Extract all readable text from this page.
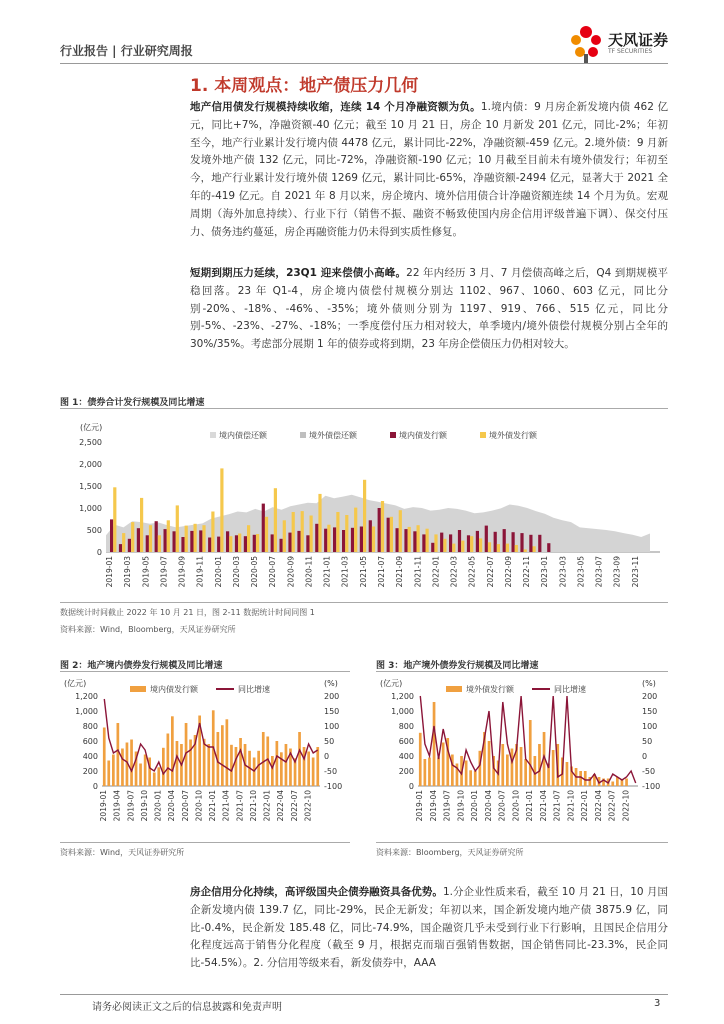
行业报告 | 行业研究周报
天风证券
TF SECURITIES
1. 本周观点：地产债压力几何
地产信用债发行规模持续收缩，连续 14 个月净融资额为负。1.境内债：9 月房企新发境内债 462 亿元，同比+7%，净融资额-40 亿元；截至 10 月 21 日，房企 10 月新发 201 亿元，同比-2%；年初至今，地产行业累计发行境内债 4478 亿元，累计同比-22%，净融资额-459 亿元。2.境外债：9 月新发境外地产债 132 亿元，同比-72%，净融资额-190 亿元；10 月截至目前未有境外债发行；年初至今，地产行业累计发行境外债 1269 亿元，累计同比-65%，净融资额-2494 亿元，显著大于 2021 全年的-419 亿元。自 2021 年 8 月以来，房企境内、境外信用债合计净融资额连续 14 个月为负。宏观周期（海外加息持续）、行业下行（销售不振、融资不畅致使国内房企信用评级普遍下调）、保交付压力、债务违约蔓延，房企再融资能力仍未得到实质性修复。
短期到期压力延续，23Q1 迎来偿债小高峰。22 年内经历 3 月、7 月偿债高峰之后，Q4 到期规模平稳回落。23 年 Q1-4，房企境内债偿付规模分别达 1102、967、1060、603 亿元，同比分别-20%、-18%、-46%、-35%；境外债则分别为 1197、919、766、515 亿元，同比分别-5%、-23%、-27%、-18%；一季度偿付压力相对较大，单季境内/境外债偿付规模分别占全年的 30%/35%。考虑部分展期 1 年的债券或将到期，23 年房企偿债压力仍相对较大。
图 1：债券合计发行规模及同比增速
(亿元)
2,500
2,000
1,500
1,000
500
0
境内债偿还额	境外债偿还额	境内债发行额	境外债发行额
2019-01 2019-03 2019-05 2019-07 2019-09 2019-11 2020-01 2020-03 2020-05 2020-07 2020-09 2020-11 2021-01 2021-03 2021-05 2021-07 2021-09 2021-11 2022-01 2022-03 2022-05 2022-07 2022-09 2022-11 2023-01 2023-03 2023-05 2023-07 2023-09 2023-11
数据统计时间截止 2022 年 10 月 21 日，图 2-11 数据统计时间同图 1
资料来源：Wind，Bloomberg，天风证券研究所
图 2：地产境内债券发行规模及同比增速
(亿元)	(%)
1,200
1,000
800
600
400
200
0
200
150
100
50
0
-50
-100
境内债发行额	同比增速
2019-01 2019-04 2019-07 2019-10 2020-01 2020-04 2020-07 2020-10 2021-01 2021-04 2021-07 2021-10 2022-01 2022-04 2022-07 2022-10
资料来源：Wind，天风证券研究所
图 3：地产境外债券发行规模及同比增速
(亿元)	(%)
1,200
1,000
800
600
400
200
0
200
150
100
50
0
-50
-100
境外债发行额	同比增速
2019-01 2019-04 2019-07 2019-10 2020-01 2020-04 2020-07 2020-10 2021-01 2021-04 2021-07 2021-10 2022-01 2022-04 2022-07 2022-10
资料来源：Bloomberg，天风证券研究所
房企信用分化持续，高评级国央企债券融资具备优势。1.分企业性质来看，截至 10 月 21 日，10 月国企新发境内债 139.7 亿，同比-29%，民企无新发；年初以来，国企新发境内地产债 3875.9 亿，同比-0.4%，民企新发 185.48 亿，同比-74.9%，国企融资几乎未受到行业下行影响，且国民企信用分化程度远高于销售分化程度（截至 9 月，根据克而瑞百强销售数据，国企销售同比-23.3%，民企同比-54.5%）。2. 分信用等级来看，新发债券中，AAA
请务必阅读正文之后的信息披露和免责声明	3
